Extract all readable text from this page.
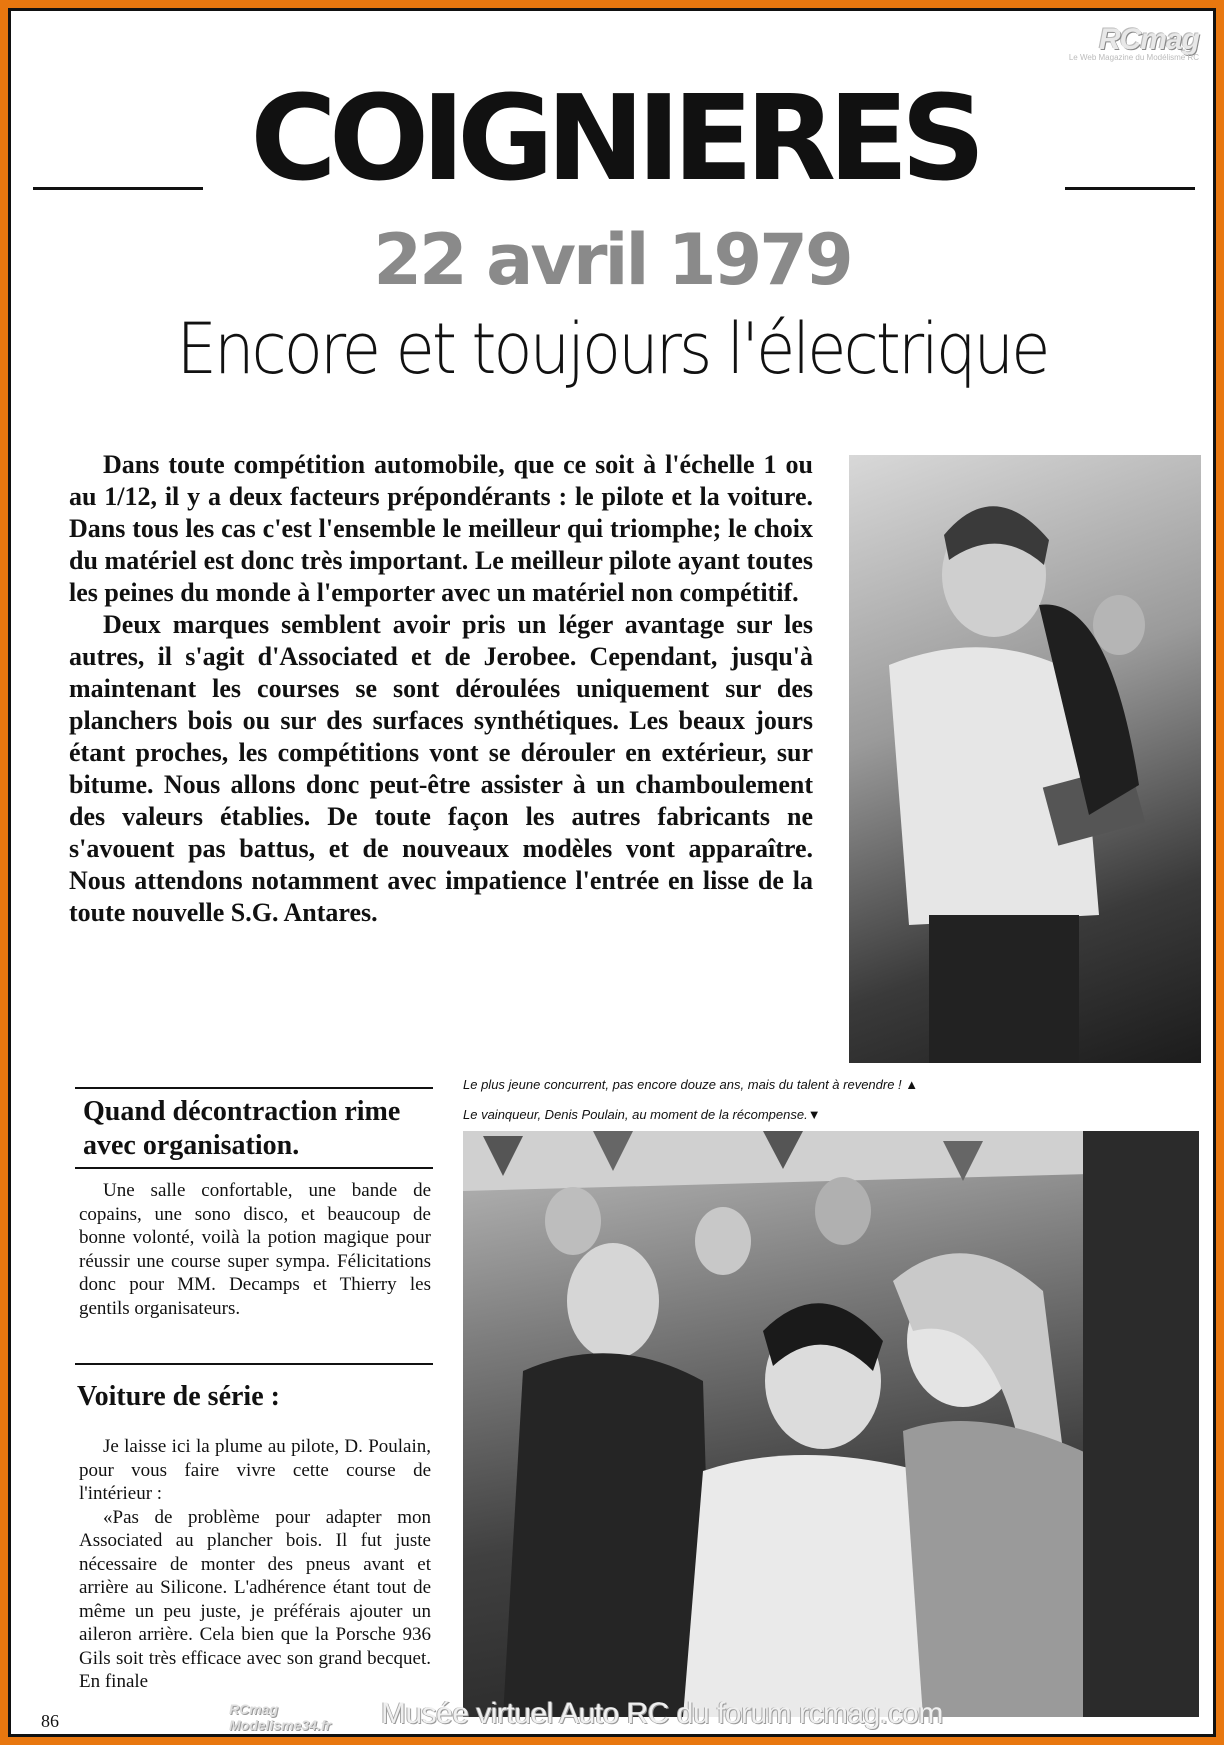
RCmag
Le Web Magazine du Modélisme RC
COIGNIERES
22 avril 1979
Encore et toujours l'électrique

Dans toute compétition automobile, que ce soit à l'échelle 1 ou au 1/12, il y a deux facteurs prépondérants : le pilote et la voiture. Dans tous les cas c'est l'ensemble le meilleur qui triomphe; le choix du matériel est donc très important. Le meilleur pilote ayant toutes les peines du monde à l'emporter avec un matériel non compétitif.

Deux marques semblent avoir pris un léger avantage sur les autres, il s'agit d'Associated et de Jerobee. Cependant, jusqu'à maintenant les courses se sont déroulées uniquement sur des planchers bois ou sur des surfaces synthétiques. Les beaux jours étant proches, les compétitions vont se dérouler en extérieur, sur bitume. Nous allons donc peut-être assister à un chamboulement des valeurs établies. De toute façon les autres fabricants ne s'avouent pas battus, et de nouveaux modèles vont apparaître. Nous attendons notamment avec impatience l'entrée en lisse de la toute nouvelle S.G. Antares.

Le plus jeune concurrent, pas encore douze ans, mais du talent à revendre ! ▲
Le vainqueur, Denis Poulain, au moment de la récompense.▼
Quand décontraction rime avec organisation.

Une salle confortable, une bande de copains, une sono disco, et beaucoup de bonne volonté, voilà la potion magique pour réussir une course super sympa. Félicitations donc pour MM. Decamps et Thierry les gentils organisateurs.

Voiture de série :

Je laisse ici la plume au pilote, D. Poulain, pour vous faire vivre cette course de l'intérieur :

«Pas de problème pour adapter mon Associated au plancher bois. Il fut juste nécessaire de monter des pneus avant et arrière au Silicone. L'adhérence étant tout de même un peu juste, je préférais ajouter un aileron arrière. Cela bien que la Porsche 936 Gils soit très efficace avec son grand becquet. En finale

86
RCmag
Modelisme34.fr Musée virtuel Auto RC du forum rcmag.com
